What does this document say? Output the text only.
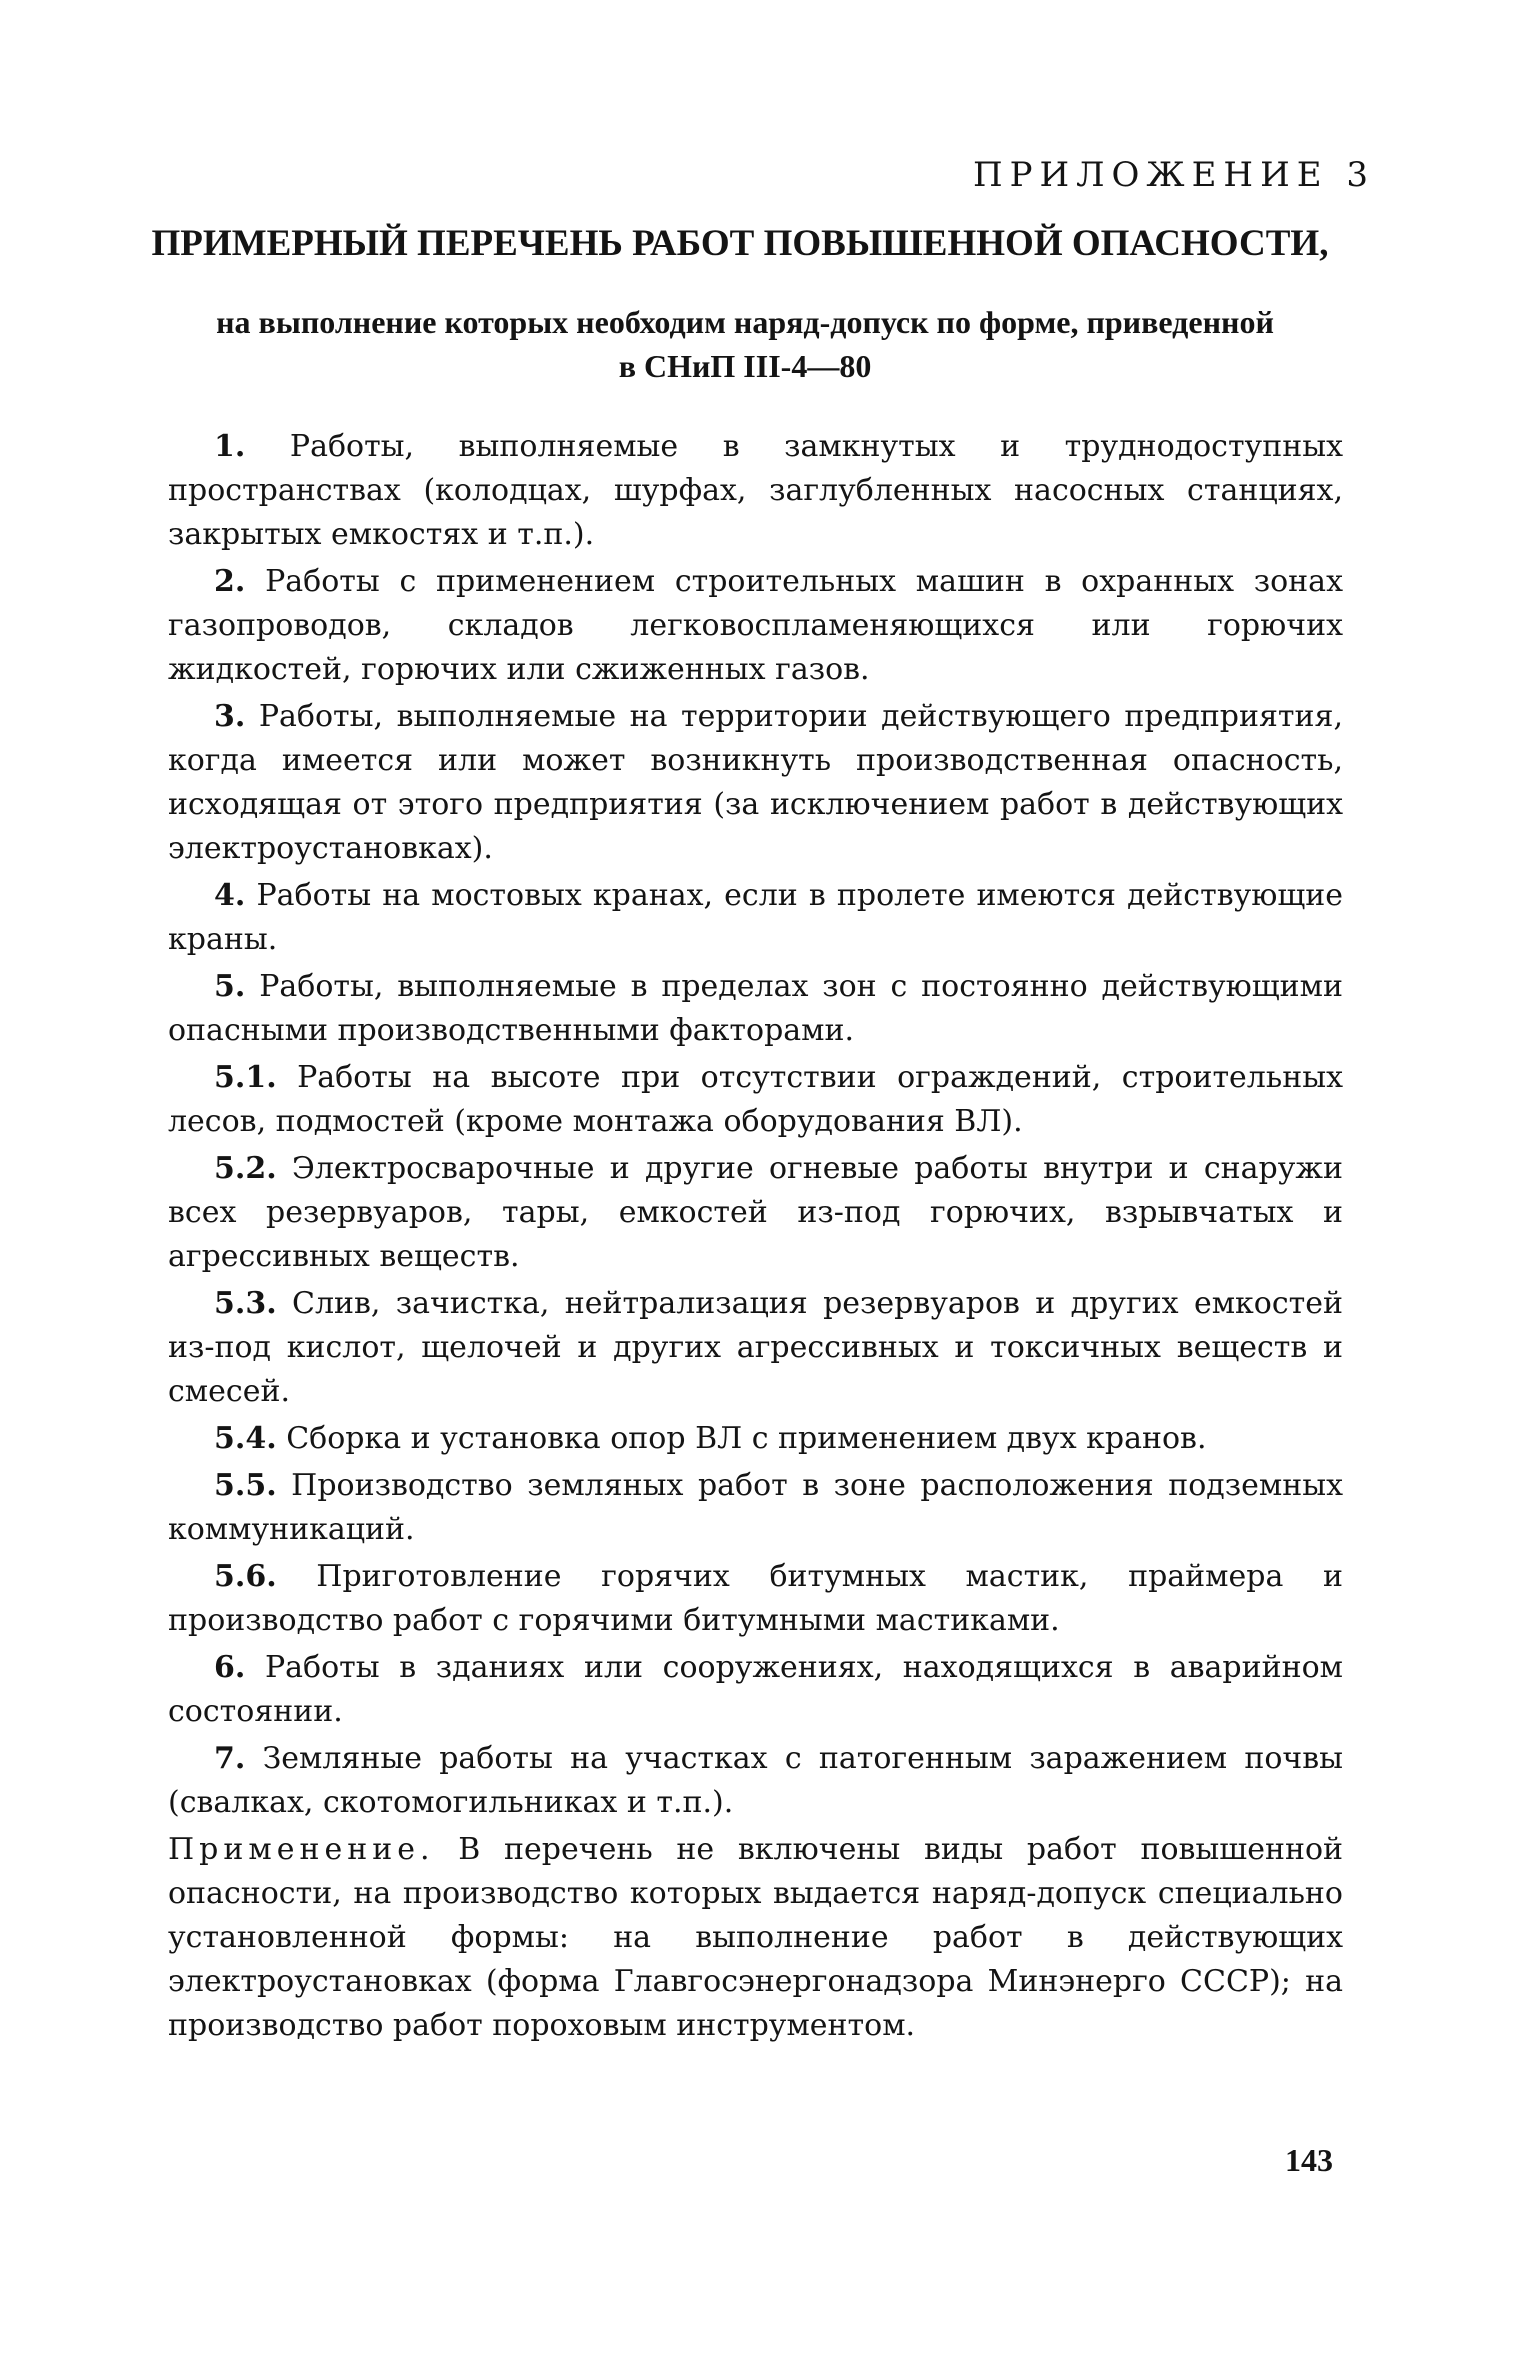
ПРИЛОЖЕНИЕ 3
ПРИМЕРНЫЙ ПЕРЕЧЕНЬ РАБОТ ПОВЫШЕННОЙ ОПАСНОСТИ,
на выполнение которых необходим наряд-допуск по форме, приведенной
в СНиП III-4—80

1. Работы, выполняемые в замкнутых и труднодоступных пространствах (колодцах, шурфах, заглубленных насосных станциях, закрытых емкостях и т.п.).

2. Работы с применением строительных машин в охранных зонах газопроводов, складов легковоспламеняющихся или горючих жидкостей, горючих или сжиженных газов.

3. Работы, выполняемые на территории действующего предприятия, когда имеется или может возникнуть производственная опасность, исходящая от этого предприятия (за исключением работ в действующих электроустановках).

4. Работы на мостовых кранах, если в пролете имеются действующие краны.

5. Работы, выполняемые в пределах зон с постоянно действующими опасными производственными факторами.

5.1. Работы на высоте при отсутствии ограждений, строительных лесов, подмостей (кроме монтажа оборудования ВЛ).

5.2. Электросварочные и другие огневые работы внутри и снаружи всех резервуаров, тары, емкостей из-под горючих, взрывчатых и агрессивных веществ.

5.3. Слив, зачистка, нейтрализация резервуаров и других емкостей из-под кислот, щелочей и других агрессивных и токсичных веществ и смесей.

5.4. Сборка и установка опор ВЛ с применением двух кранов.

5.5. Производство земляных работ в зоне расположения подземных коммуникаций.

5.6. Приготовление горячих битумных мастик, праймера и производство работ с горячими битумными мастиками.

6. Работы в зданиях или сооружениях, находящихся в аварийном состоянии.

7. Земляные работы на участках с патогенным заражением почвы (свалках, скотомогильниках и т.п.).

Применение. В перечень не включены виды работ повышенной опасности, на производство которых выдается наряд-допуск специально установленной формы: на выполнение работ в действующих электроустановках (форма Главгосэнергонадзора Минэнерго СССР); на производство работ пороховым инструментом.

143
